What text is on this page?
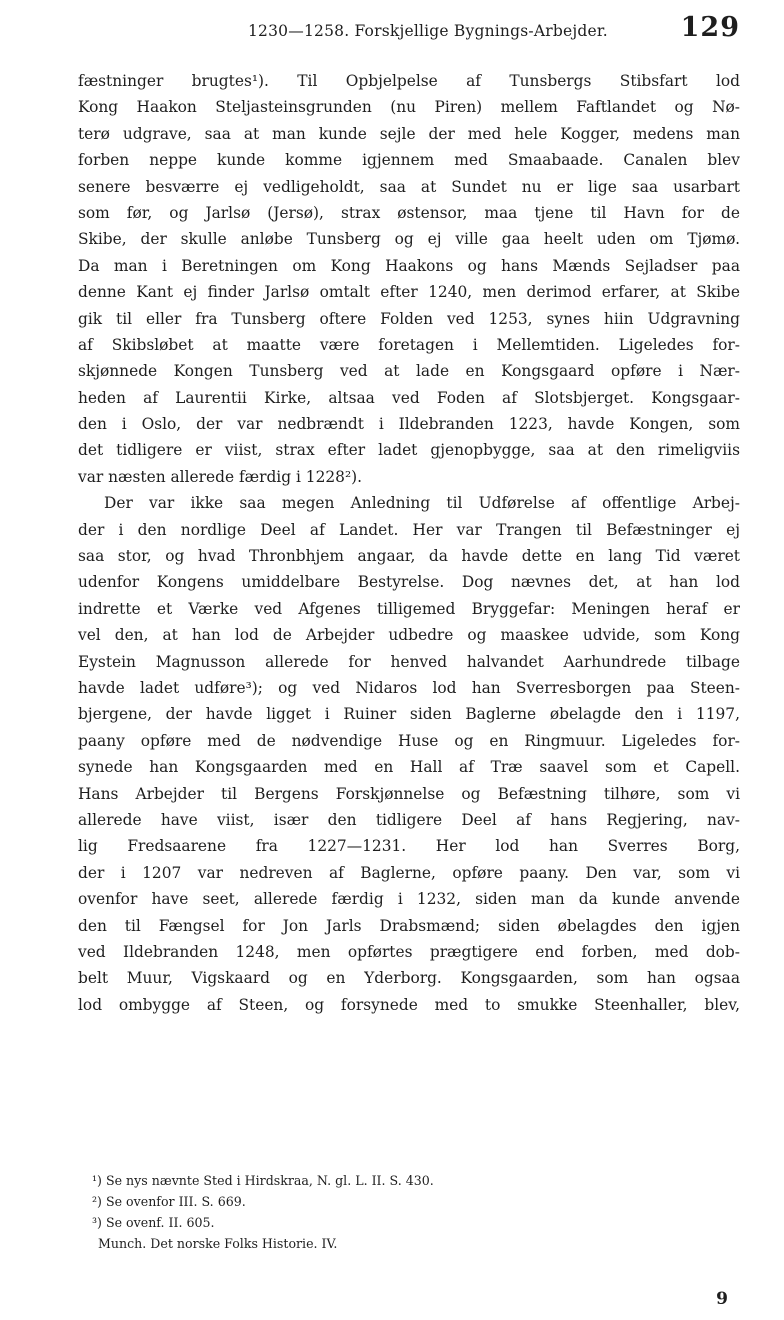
1230—1258. Forskjellige Bygnings-Arbejder.	129
fæstninger brugtes¹). Til Opbjelpelse af Tunsbergs Stibsfart lod
Kong Haakon Steljasteinsgrunden (nu Piren) mellem Faftlandet og Nø-
terø udgrave, saa at man kunde sejle der med hele Kogger, medens man
forben neppe kunde komme igjennem med Smaabaade. Canalen blev
senere besværre ej vedligeholdt, saa at Sundet nu er lige saa usarbart
som før, og Jarlsø (Jersø), strax østensor, maa tjene til Havn for de
Skibe, der skulle anløbe Tunsberg og ej ville gaa heelt uden om Tjømø.
Da man i Beretningen om Kong Haakons og hans Mænds Sejladser paa
denne Kant ej finder Jarlsø omtalt efter 1240, men derimod erfarer, at Skibe
gik til eller fra Tunsberg oftere Folden ved 1253, synes hiin Udgravning
af Skibsløbet at maatte være foretagen i Mellemtiden. Ligeledes for-
skjønnede Kongen Tunsberg ved at lade en Kongsgaard opføre i Nær-
heden af Laurentii Kirke, altsaa ved Foden af Slotsbjerget. Kongsgaar-
den i Oslo, der var nedbrændt i Ildebranden 1223, havde Kongen, som
det tidligere er viist, strax efter ladet gjenopbygge, saa at den rimeligviis
var næsten allerede færdig i 1228²).
Der var ikke saa megen Anledning til Udførelse af offentlige Arbej-
der i den nordlige Deel af Landet. Her var Trangen til Befæstninger ej
saa stor, og hvad Thronbhjem angaar, da havde dette en lang Tid været
udenfor Kongens umiddelbare Bestyrelse. Dog nævnes det, at han lod
indrette et Værke ved Afgenes tilligemed Bryggefar: Meningen heraf er
vel den, at han lod de Arbejder udbedre og maaskee udvide, som Kong
Eystein Magnusson allerede for henved halvandet Aarhundrede tilbage
havde ladet udføre³); og ved Nidaros lod han Sverresborgen paa Steen-
bjergene, der havde ligget i Ruiner siden Baglerne øbelagde den i 1197,
paany opføre med de nødvendige Huse og en Ringmuur. Ligeledes for-
synede han Kongsgaarden med en Hall af Træ saavel som et Capell.
Hans Arbejder til Bergens Forskjønnelse og Befæstning tilhøre, som vi
allerede have viist, især den tidligere Deel af hans Regjering, nav-
lig Fredsaarene fra 1227—1231. Her lod han Sverres Borg,
der i 1207 var nedreven af Baglerne, opføre paany. Den var, som vi
ovenfor have seet, allerede færdig i 1232, siden man da kunde anvende
den til Fængsel for Jon Jarls Drabsmænd; siden øbelagdes den igjen
ved Ildebranden 1248, men opførtes prægtigere end forben, med dob-
belt Muur, Vigskaard og en Yderborg. Kongsgaarden, som han ogsaa
lod ombygge af Steen, og forsynede med to smukke Steenhaller, blev,
¹) Se nys nævnte Sted i Hirdskraa, N. gl. L. II. S. 430.
²) Se ovenfor III. S. 669.
³) Se ovenf. II. 605.
Munch. Det norske Folks Historie. IV.
9
